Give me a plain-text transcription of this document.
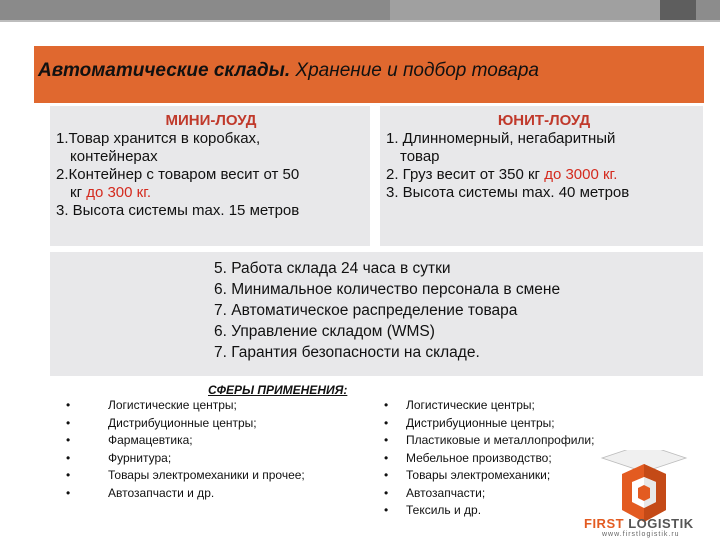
Автоматические склады. Хранение и подбор товара
МИНИ-ЛОУД
1.Товар хранится в коробках,
контейнерах
2.Контейнер с товаром весит от 50
кг до 300 кг.
3. Высота системы max. 15 метров
ЮНИТ-ЛОУД
1. Длинномерный, негабаритный
товар
2. Груз весит от 350 кг до 3000 кг.
3. Высота системы max. 40 метров
5. Работа склада 24 часа в сутки
6. Минимальное количество персонала в смене
7. Автоматическое распределение товара
6. Управление складом (WMS)
7. Гарантия безопасности на складе.
СФЕРЫ ПРИМЕНЕНИЯ:
•	Логистические центры;
•	Дистрибуционные центры;
•	Фармацевтика;
•	Фурнитура;
•	Товары электромеханики и прочее;
•	Автозапчасти и др.
•	Логистические центры;
•	Дистрибуционные центры;
•	Пластиковые и металлопрофили;
•	Мебельное производство;
•	Товары электромеханики;
•	Автозапчасти;
•	Тексиль и др.
FIRST LOGISTIK
www.firstlogistik.ru
